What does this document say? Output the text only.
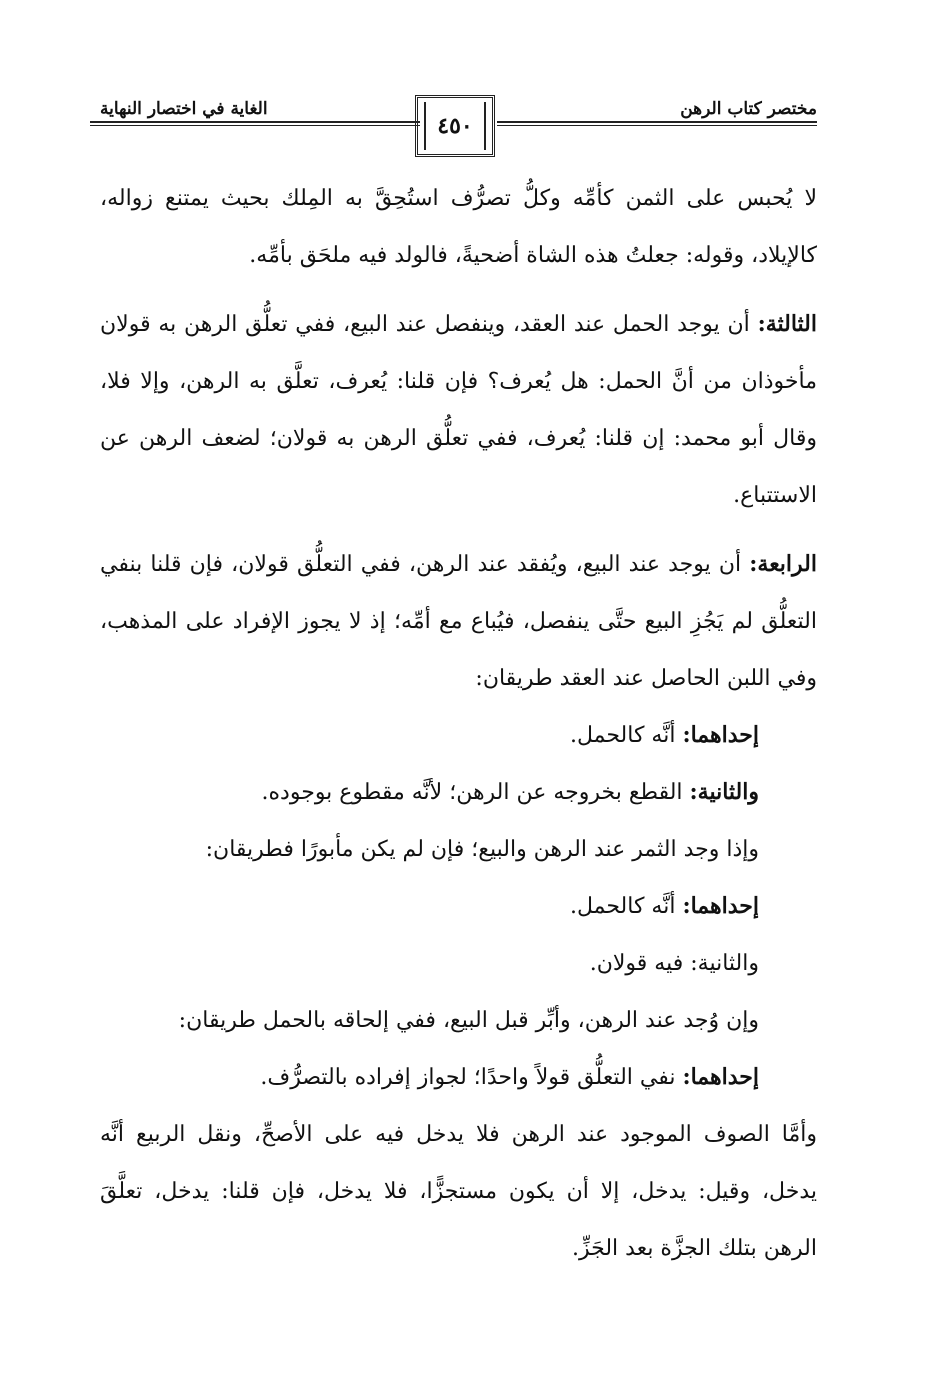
مختصر كتاب الرهن
الغاية في اختصار النهاية
٤٥٠

لا يُحبس على الثمن كأمِّه وكلُّ تصرُّف استُحِقَّ به المِلك بحيث يمتنع زواله، كالإيلاد، وقوله: جعلتُ هذه الشاة أضحيةً، فالولد فيه ملحَق بأمِّه.

الثالثة: أن يوجد الحمل عند العقد، وينفصل عند البيع، ففي تعلُّق الرهن به قولان مأخوذان من أنَّ الحمل: هل يُعرف؟ فإن قلنا: يُعرف، تعلَّق به الرهن، وإلا فلا، وقال أبو محمد: إن قلنا: يُعرف، ففي تعلُّق الرهن به قولان؛ لضعف الرهن عن الاستتباع.

الرابعة: أن يوجد عند البيع، ويُفقد عند الرهن، ففي التعلُّق قولان، فإن قلنا بنفي التعلُّق لم يَجُزِ البيع حتَّى ينفصل، فيُباع مع أمِّه؛ إذ لا يجوز الإفراد على المذهب، وفي اللبن الحاصل عند العقد طريقان:

إحداهما: أنَّه كالحمل.

والثانية: القطع بخروجه عن الرهن؛ لأنَّه مقطوع بوجوده.

وإذا وجد الثمر عند الرهن والبيع؛ فإن لم يكن مأبورًا فطريقان:

إحداهما: أنَّه كالحمل.

والثانية: فيه قولان.

وإن وُجد عند الرهن، وأبِّر قبل البيع، ففي إلحاقه بالحمل طريقان:

إحداهما: نفي التعلُّق قولاً واحدًا؛ لجواز إفراده بالتصرُّف.

وأمَّا الصوف الموجود عند الرهن فلا يدخل فيه على الأصحِّ، ونقل الربيع أنَّه يدخل، وقيل: يدخل، إلا أن يكون مستجزًّا، فلا يدخل، فإن قلنا: يدخل، تعلَّقَ الرهن بتلك الجزَّة بعد الجَزِّ.
